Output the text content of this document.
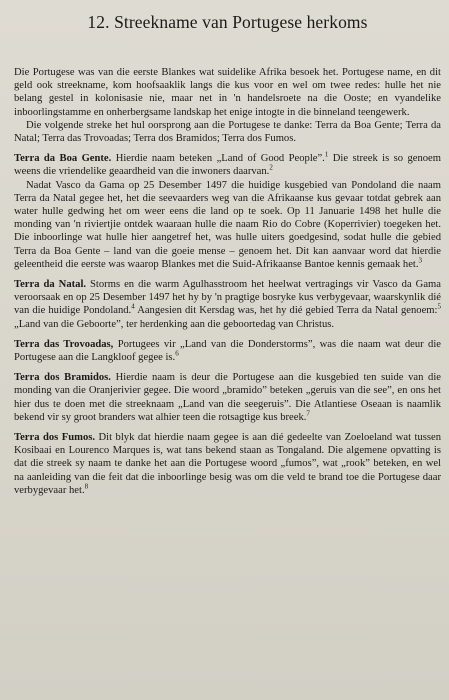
12. Streekname van Portugese herkoms

Die Portugese was van die eerste Blankes wat suidelike Afrika besoek het. Portugese name, en dit geld ook streekname, kom hoofsaaklik langs die kus voor en wel om twee redes: hulle het nie belang gestel in kolonisasie nie, maar net in 'n handelsroete na die Ooste; en vyandelike inboorlingstamme en onherbergsame landskap het enige intogte in die binneland teengewerk.

Die volgende streke het hul oorsprong aan die Portugese te danke: Terra da Boa Gente; Terra da Natal; Terra das Trovoadas; Terra dos Bramidos; Terra dos Fumos.

Terra da Boa Gente. Hierdie naam beteken „Land of Good People”.$^1$ Die streek is so genoem weens die vriendelike geaardheid van die inwoners daarvan.$^2$

Nadat Vasco da Gama op 25 Desember 1497 die huidige kusgebied van Pondoland die naam Terra da Natal gegee het, het die seevaarders weg van die Afrikaanse kus gevaar totdat gebrek aan water hulle gedwing het om weer eens die land op te soek. Op 11 Januarie 1498 het hulle die monding van 'n riviertjie ontdek waaraan hulle die naam Rio do Cobre (Koperrivier) toegeken het. Die inboorlinge wat hulle hier aangetref het, was hulle uiters goedgesind, sodat hulle die gebied Terra da Boa Gente – land van die goeie mense – genoem het. Dit kan aanvaar word dat hierdie geleentheid die eerste was waarop Blankes met die Suid-Afrikaanse Bantoe kennis gemaak het.$^3$

Terra da Natal. Storms en die warm Agulhasstroom het heelwat vertragings vir Vasco da Gama veroorsaak en op 25 Desember 1497 het hy by 'n pragtige bosryke kus verbygevaar, waarskynlik dié van die huidige Pondoland.$^4$ Aangesien dit Kersdag was, het hy dié gebied Terra da Natal genoem:$^5$ „Land van die Geboorte”, ter herdenking aan die geboortedag van Christus.

Terra das Trovoadas, Portugees vir „Land van die Donderstorms”, was die naam wat deur die Portugese aan die Langkloof gegee is.$^6$

Terra dos Bramidos. Hierdie naam is deur die Portugese aan die kusgebied ten suide van die monding van die Oranjerivier gegee. Die woord „bramido” beteken „geruis van die see”, en ons het hier dus te doen met die streeknaam „Land van die seegeruis”. Die Atlantiese Oseaan is naamlik bekend vir sy groot branders wat alhier teen die rotsagtige kus breek.$^7$

Terra dos Fumos. Dit blyk dat hierdie naam gegee is aan dié gedeelte van Zoeloeland wat tussen Kosibaai en Lourenco Marques is, wat tans bekend staan as Tongaland. Die algemene opvatting is dat die streek sy naam te danke het aan die Portugese woord „fumos”, wat „rook” beteken, en wel na aanleiding van die feit dat die inboorlinge besig was om die veld te brand toe die Portugese daar verbygevaar het.$^8$
